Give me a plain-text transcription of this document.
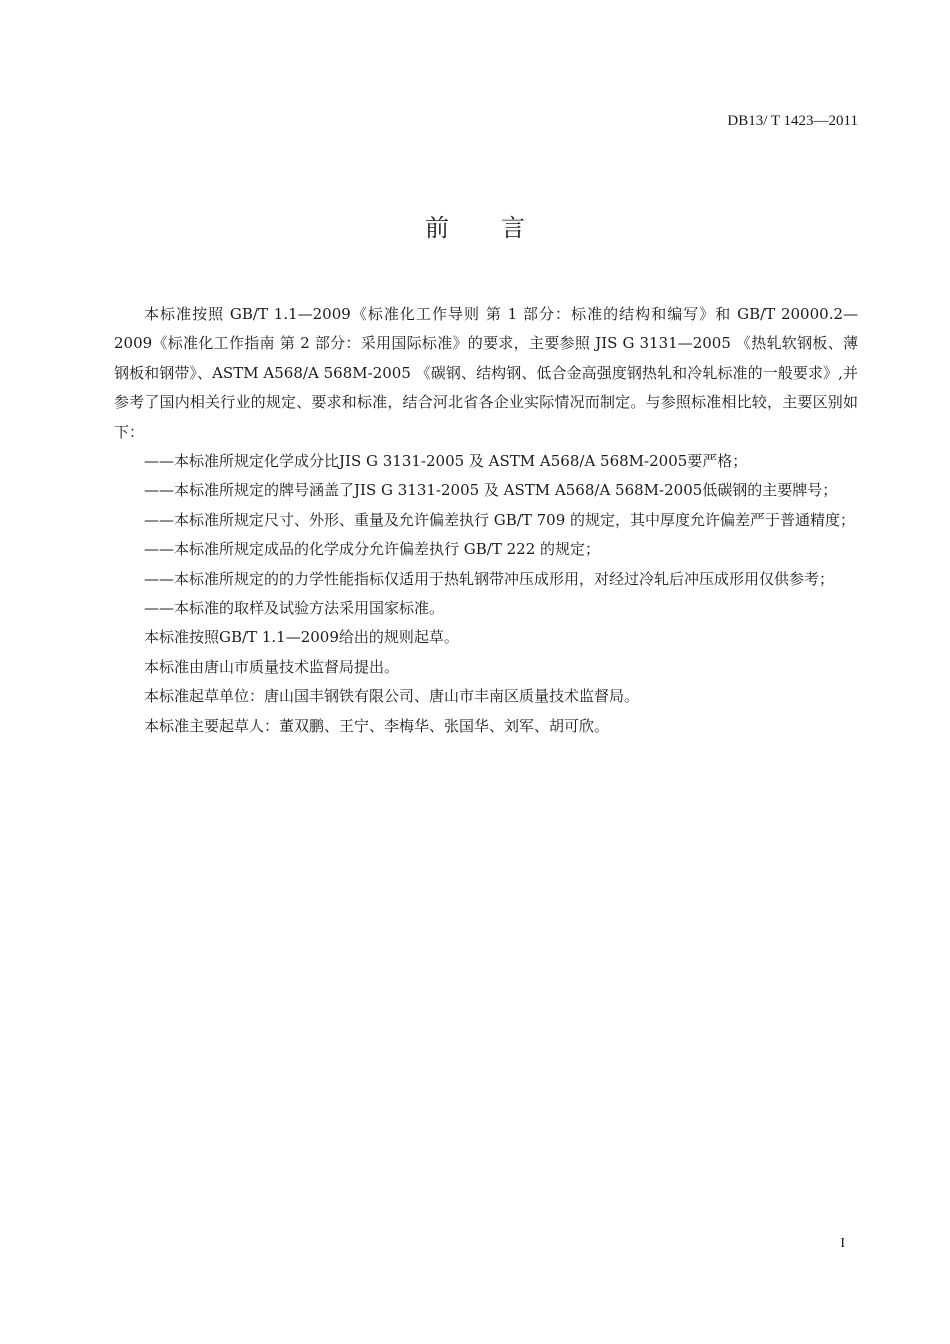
DB13/ T 1423—2011
前言

本标准按照 GB/T 1.1—2009《标准化工作导则 第 1 部分：标准的结构和编写》和 GB/T 20000.2—2009《标准化工作指南 第 2 部分：采用国际标准》的要求，主要参照 JIS G 3131—2005 《热轧软钢板、薄钢板和钢带》、ASTM A568/A 568M-2005 《碳钢、结构钢、低合金高强度钢热轧和冷轧标准的一般要求》,并参考了国内相关行业的规定、要求和标准，结合河北省各企业实际情况而制定。与参照标准相比较，主要区别如下：

——本标准所规定化学成分比JIS G 3131-2005 及 ASTM A568/A 568M-2005要严格；

——本标准所规定的牌号涵盖了JIS G 3131-2005 及 ASTM A568/A 568M-2005低碳钢的主要牌号；

——本标准所规定尺寸、外形、重量及允许偏差执行 GB/T 709 的规定，其中厚度允许偏差严于普通精度；

——本标准所规定成品的化学成分允许偏差执行 GB/T 222 的规定；

——本标准所规定的的力学性能指标仅适用于热轧钢带冲压成形用，对经过冷轧后冲压成形用仅供参考；

——本标准的取样及试验方法采用国家标准。

本标准按照GB/T 1.1—2009给出的规则起草。

本标准由唐山市质量技术监督局提出。

本标准起草单位：唐山国丰钢铁有限公司、唐山市丰南区质量技术监督局。

本标准主要起草人：董双鹏、王宁、李梅华、张国华、刘军、胡可欣。

I
